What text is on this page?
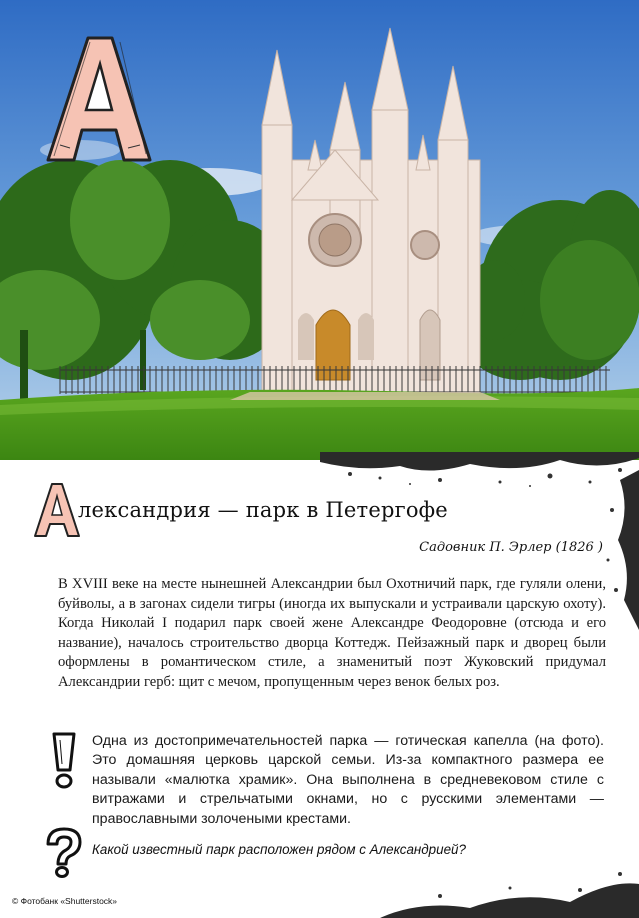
лександрия — парк в Петергофе
Садовник П. Эрлер (1826 )

В XVIII веке на месте нынешней Александрии был Охотничий парк, где гуляли олени, буйволы, а в загонах сидели тигры (иногда их выпускали и устраивали царскую охоту). Когда Николай I подарил парк своей жене Александре Феодоровне (отсюда и его название), началось строительство дворца Коттедж. Пейзажный парк и дворец были оформлены в романтическом стиле, а знаменитый поэт Жуковский придумал Александрии герб: щит с мечом, пропущенным через венок белых роз.

Одна из достопримечательностей парка — готическая капелла (на фото). Это домашняя церковь царской семьи. Из-за компактного размера ее называли «малютка храмик». Она выполнена в средневековом стиле с витражами и стрельчатыми окнами, но с русскими элементами — православными золочеными крестами.

Какой известный парк расположен рядом с Александрией?
© Фотобанк «Shutterstock»
